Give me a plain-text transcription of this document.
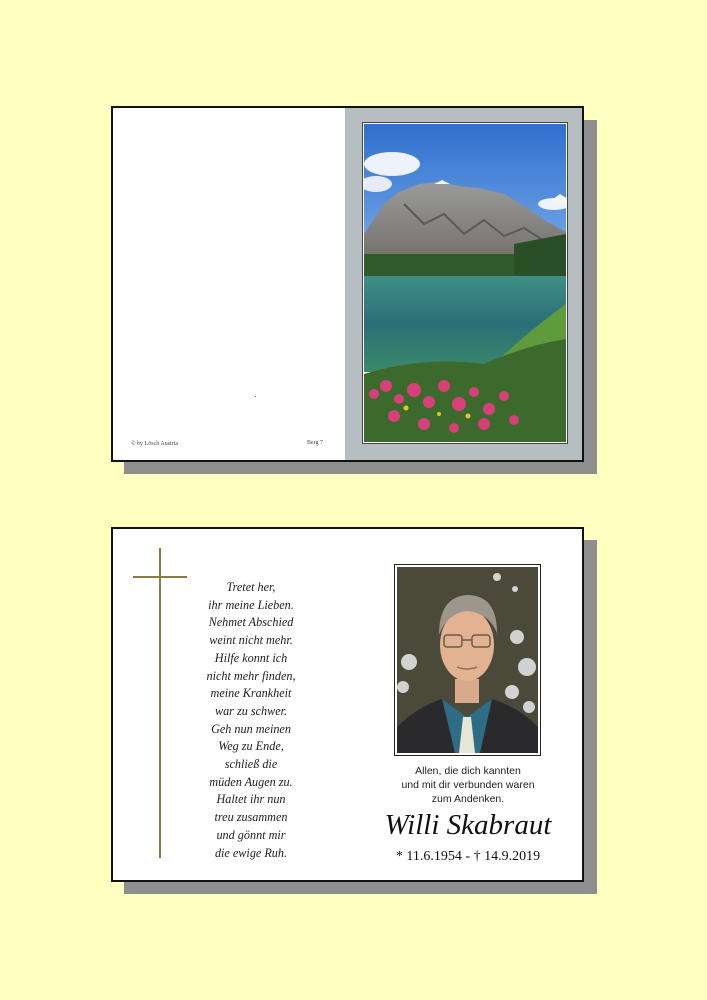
© by Lösch Austria	Berg 7
Tretet her,
ihr meine Lieben.
Nehmet Abschied
weint nicht mehr.
Hilfe konnt ich
nicht mehr finden,
meine Krankheit
war zu schwer.
Geh nun meinen
Weg zu Ende,
schließ die
müden Augen zu.
Haltet ihr nun
treu zusammen
und gönnt mir
die ewige Ruh.
Allen, die dich kannten
und mit dir verbunden waren
zum Andenken.
Willi Skabraut
* 11.6.1954 - † 14.9.2019
